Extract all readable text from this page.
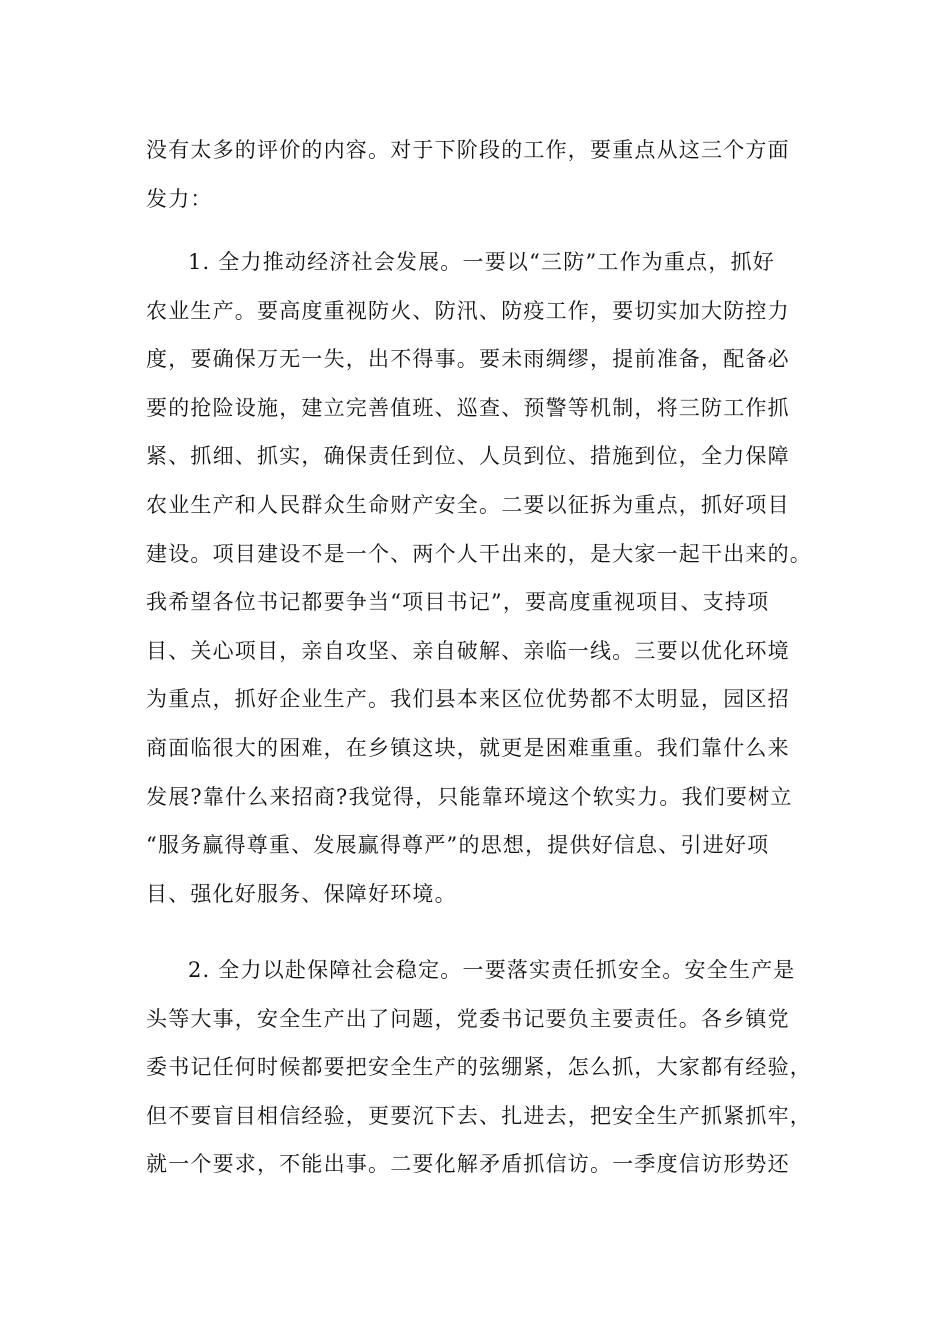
没有太多的评价的内容。对于下阶段的工作，要重点从这三个方面
发力：
1. 全力推动经济社会发展。一要以“三防”工作为重点，抓好
农业生产。要高度重视防火、防汛、防疫工作，要切实加大防控力
度，要确保万无一失，出不得事。要未雨绸缪，提前准备，配备必
要的抢险设施，建立完善值班、巡查、预警等机制，将三防工作抓
紧、抓细、抓实，确保责任到位、人员到位、措施到位，全力保障
农业生产和人民群众生命财产安全。二要以征拆为重点，抓好项目
建设。项目建设不是一个、两个人干出来的，是大家一起干出来的。
我希望各位书记都要争当“项目书记”，要高度重视项目、支持项
目、关心项目，亲自攻坚、亲自破解、亲临一线。三要以优化环境
为重点，抓好企业生产。我们县本来区位优势都不太明显，园区招
商面临很大的困难，在乡镇这块，就更是困难重重。我们靠什么来
发展?靠什么来招商?我觉得，只能靠环境这个软实力。我们要树立
“服务赢得尊重、发展赢得尊严”的思想，提供好信息、引进好项
目、强化好服务、保障好环境。
2. 全力以赴保障社会稳定。一要落实责任抓安全。安全生产是
头等大事，安全生产出了问题，党委书记要负主要责任。各乡镇党
委书记任何时候都要把安全生产的弦绷紧，怎么抓，大家都有经验，
但不要盲目相信经验，更要沉下去、扎进去，把安全生产抓紧抓牢，
就一个要求，不能出事。二要化解矛盾抓信访。一季度信访形势还
